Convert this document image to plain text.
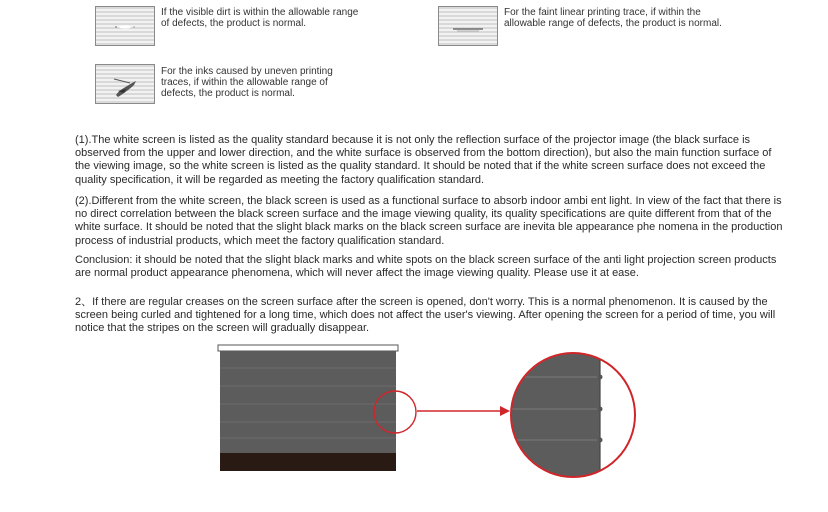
If the visible dirt is within the allowable range of defects, the product is normal.
For the faint linear printing trace, if within the allowable range of defects, the product is normal.
For the inks caused by uneven printing traces, if within the allowable range of defects, the product is normal.

(1).The white screen is listed as the quality standard because it is not only the reflection surface of the projector image (the black surface is observed from the upper and lower direction, and the white surface is observed from the bottom direction), but also the main function surface of the viewing image, so the white screen is listed as the quality standard. It should be noted that if the white screen surface does not exceed the quality specification, it will be regarded as meeting the factory qualification standard.

(2).Different from the white screen, the black screen is used as a functional surface to absorb indoor ambi ent light. In view of the fact that there is no direct correlation between the black screen surface and the image viewing quality, its quality specifications are quite different from that of the white surface. It should be noted that the slight black marks on the black screen surface are inevita ble appearance phe nomena in the production process of industrial products, which meet the factory qualification standard.

Conclusion: it should be noted that the slight black marks and white spots on the black screen surface of the anti light projection screen products are normal product appearance phenomena, which will never affect the image viewing quality. Please use it at ease.

2、If there are regular creases on the screen surface after the screen is opened, don't worry. This is a normal phenomenon. It is caused by the screen being curled and tightened for a long time, which does not affect the user's viewing. After opening the screen for a period of time, you will notice that the stripes on the screen will gradually disappear.
